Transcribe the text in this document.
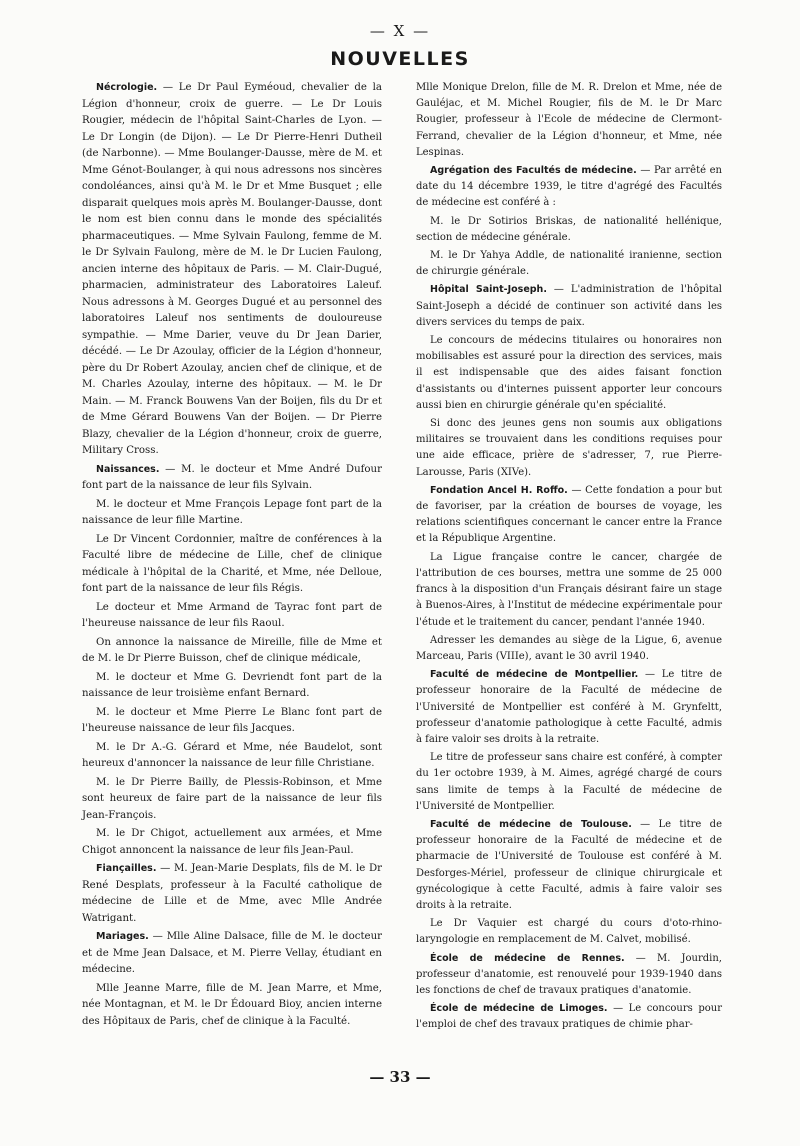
— X —
NOUVELLES

Nécrologie. — Le Dr Paul Eyméoud, chevalier de la Légion d'honneur, croix de guerre. — Le Dr Louis Rougier, médecin de l'hôpital Saint-Charles de Lyon. — Le Dr Longin (de Dijon). — Le Dr Pierre-Henri Dutheil (de Narbonne). — Mme Boulanger-Dausse, mère de M. et Mme Génot-Boulanger, à qui nous adressons nos sincères condoléances, ainsi qu'à M. le Dr et Mme Busquet ; elle disparait quelques mois après M. Boulanger-Dausse, dont le nom est bien connu dans le monde des spécialités pharmaceutiques. — Mme Sylvain Faulong, femme de M. le Dr Sylvain Faulong, mère de M. le Dr Lucien Faulong, ancien interne des hôpitaux de Paris. — M. Clair-Dugué, pharmacien, administrateur des Laboratoires Laleuf. Nous adressons à M. Georges Dugué et au personnel des laboratoires Laleuf nos sentiments de douloureuse sympathie. — Mme Darier, veuve du Dr Jean Darier, décédé. — Le Dr Azoulay, officier de la Légion d'honneur, père du Dr Robert Azoulay, ancien chef de clinique, et de M. Charles Azoulay, interne des hôpitaux. — M. le Dr Main. — M. Franck Bouwens Van der Boijen, fils du Dr et de Mme Gérard Bouwens Van der Boijen. — Dr Pierre Blazy, chevalier de la Légion d'honneur, croix de guerre, Military Cross.

Naissances. — M. le docteur et Mme André Dufour font part de la naissance de leur fils Sylvain.

M. le docteur et Mme François Lepage font part de la naissance de leur fille Martine.

Le Dr Vincent Cordonnier, maître de conférences à la Faculté libre de médecine de Lille, chef de clinique médicale à l'hôpital de la Charité, et Mme, née Delloue, font part de la naissance de leur fils Régis.

Le docteur et Mme Armand de Tayrac font part de l'heureuse naissance de leur fils Raoul.

On annonce la naissance de Mireille, fille de Mme et de M. le Dr Pierre Buisson, chef de clinique médicale,

M. le docteur et Mme G. Devriendt font part de la naissance de leur troisième enfant Bernard.

M. le docteur et Mme Pierre Le Blanc font part de l'heureuse naissance de leur fils Jacques.

M. le Dr A.-G. Gérard et Mme, née Baudelot, sont heureux d'annoncer la naissance de leur fille Christiane.

M. le Dr Pierre Bailly, de Plessis-Robinson, et Mme sont heureux de faire part de la naissance de leur fils Jean-François.

M. le Dr Chigot, actuellement aux armées, et Mme Chigot annoncent la naissance de leur fils Jean-Paul.

Fiançailles. — M. Jean-Marie Desplats, fils de M. le Dr René Desplats, professeur à la Faculté catholique de médecine de Lille et de Mme, avec Mlle Andrée Watrigant.

Mariages. — Mlle Aline Dalsace, fille de M. le docteur et de Mme Jean Dalsace, et M. Pierre Vellay, étudiant en médecine.

Mlle Jeanne Marre, fille de M. Jean Marre, et Mme, née Montagnan, et M. le Dr Édouard Bioy, ancien interne des Hôpitaux de Paris, chef de clinique à la Faculté.

Mlle Monique Drelon, fille de M. R. Drelon et Mme, née de Gauléjac, et M. Michel Rougier, fils de M. le Dr Marc Rougier, professeur à l'Ecole de médecine de Clermont-Ferrand, chevalier de la Légion d'honneur, et Mme, née Lespinas.

Agrégation des Facultés de médecine. — Par arrêté en date du 14 décembre 1939, le titre d'agrégé des Facultés de médecine est conféré à :

M. le Dr Sotirios Briskas, de nationalité hellénique, section de médecine générale.

M. le Dr Yahya Addle, de nationalité iranienne, section de chirurgie générale.

Hôpital Saint-Joseph. — L'administration de l'hôpital Saint-Joseph a décidé de continuer son activité dans les divers services du temps de paix.

Le concours de médecins titulaires ou honoraires non mobilisables est assuré pour la direction des services, mais il est indispensable que des aides faisant fonction d'assistants ou d'internes puissent apporter leur concours aussi bien en chirurgie générale qu'en spécialité.

Si donc des jeunes gens non soumis aux obligations militaires se trouvaient dans les conditions requises pour une aide efficace, prière de s'adresser, 7, rue Pierre-Larousse, Paris (XIVe).

Fondation Ancel H. Roffo. — Cette fondation a pour but de favoriser, par la création de bourses de voyage, les relations scientifiques concernant le cancer entre la France et la République Argentine.

La Ligue française contre le cancer, chargée de l'attribution de ces bourses, mettra une somme de 25 000 francs à la disposition d'un Français désirant faire un stage à Buenos-Aires, à l'Institut de médecine expérimentale pour l'étude et le traitement du cancer, pendant l'année 1940.

Adresser les demandes au siège de la Ligue, 6, avenue Marceau, Paris (VIIIe), avant le 30 avril 1940.

Faculté de médecine de Montpellier. — Le titre de professeur honoraire de la Faculté de médecine de l'Université de Montpellier est conféré à M. Grynfeltt, professeur d'anatomie pathologique à cette Faculté, admis à faire valoir ses droits à la retraite.

Le titre de professeur sans chaire est conféré, à compter du 1er octobre 1939, à M. Aimes, agrégé chargé de cours sans limite de temps à la Faculté de médecine de l'Université de Montpellier.

Faculté de médecine de Toulouse. — Le titre de professeur honoraire de la Faculté de médecine et de pharmacie de l'Université de Toulouse est conféré à M. Desforges-Mériel, professeur de clinique chirurgicale et gynécologique à cette Faculté, admis à faire valoir ses droits à la retraite.

Le Dr Vaquier est chargé du cours d'oto-rhino-laryngologie en remplacement de M. Calvet, mobilisé.

École de médecine de Rennes. — M. Jourdin, professeur d'anatomie, est renouvelé pour 1939-1940 dans les fonctions de chef de travaux pratiques d'anatomie.

École de médecine de Limoges. — Le concours pour l'emploi de chef des travaux pratiques de chimie phar-

— 33 —
